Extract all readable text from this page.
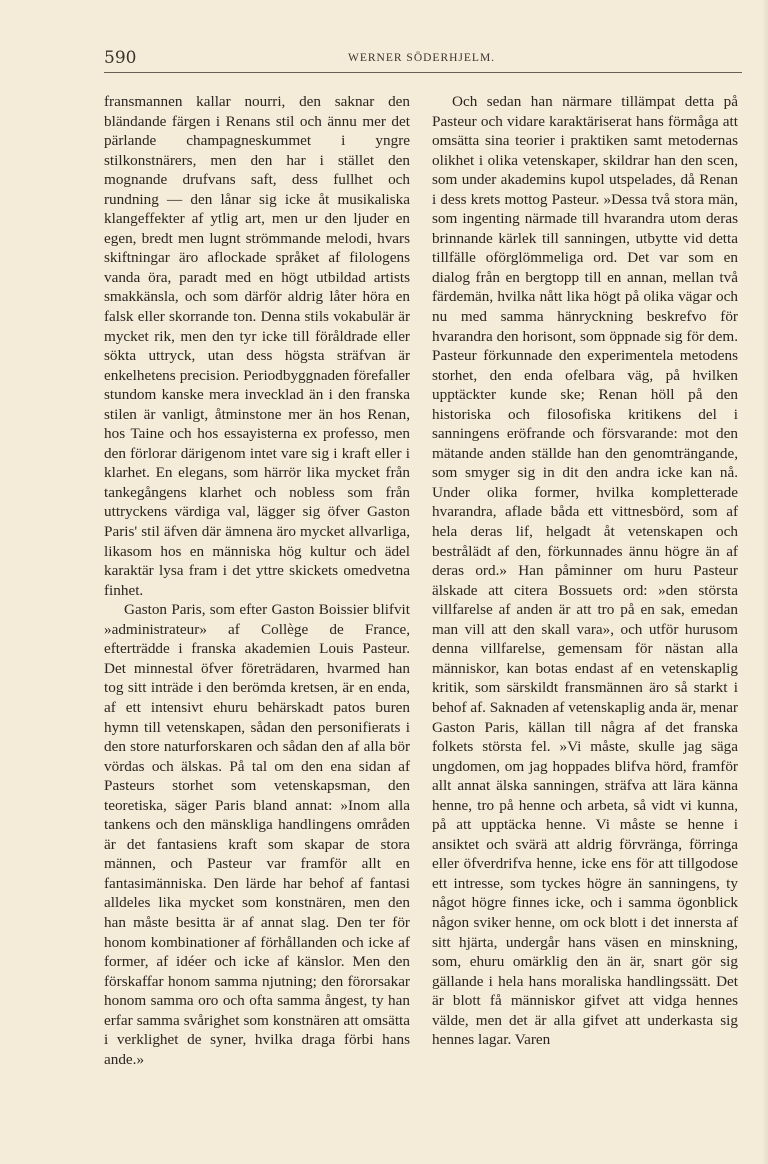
590	WERNER SÖDERHJELM.

fransmannen kallar nourri, den saknar den bländande färgen i Renans stil och ännu mer det pärlande champagneskummet i yngre stilkonstnärers, men den har i stället den mognande drufvans saft, dess fullhet och rundning — den lånar sig icke åt musikaliska klangeffekter af ytlig art, men ur den ljuder en egen, bredt men lugnt strömmande melodi, hvars skiftningar äro aflockade språket af filologens vanda öra, paradt med en högt utbildad artists smakkänsla, och som därför aldrig låter höra en falsk eller skorrande ton. Denna stils vokabulär är mycket rik, men den tyr icke till föråldrade eller sökta uttryck, utan dess högsta sträfvan är enkelhetens precision. Periodbyggnaden förefaller stundom kanske mera invecklad än i den franska stilen är vanligt, åtminstone mer än hos Renan, hos Taine och hos essayisterna ex professo, men den förlorar därigenom intet vare sig i kraft eller i klarhet. En elegans, som härrör lika mycket från tankegångens klarhet och nobless som från uttryckens värdiga val, lägger sig öfver Gaston Paris' stil äfven där ämnena äro mycket allvarliga, likasom hos en människa hög kultur och ädel karaktär lysa fram i det yttre skickets omedvetna finhet.

Gaston Paris, som efter Gaston Boissier blifvit »administrateur» af Collège de France, efterträdde i franska akademien Louis Pasteur. Det minnestal öfver företrädaren, hvarmed han tog sitt inträde i den berömda kretsen, är en enda, af ett intensivt ehuru behärskadt patos buren hymn till vetenskapen, sådan den personifierats i den store naturforskaren och sådan den af alla bör vördas och älskas. På tal om den ena sidan af Pasteurs storhet som vetenskapsman, den teoretiska, säger Paris bland annat: »Inom alla tankens och den mänskliga handlingens områden är det fantasiens kraft som skapar de stora männen, och Pasteur var framför allt en fantasimänniska. Den lärde har behof af fantasi alldeles lika mycket som konstnären, men den han måste besitta är af annat slag. Den ter för honom kombinationer af förhållanden och icke af former, af idéer och icke af känslor. Men den förskaffar honom samma njutning; den förorsakar honom samma oro och ofta samma ångest, ty han erfar samma svårighet som konstnären att omsätta i verklighet de syner, hvilka draga förbi hans ande.»

Och sedan han närmare tillämpat detta på Pasteur och vidare karaktäriserat hans förmåga att omsätta sina teorier i praktiken samt metodernas olikhet i olika vetenskaper, skildrar han den scen, som under akademins kupol utspelades, då Renan i dess krets mottog Pasteur. »Dessa två stora män, som ingenting närmade till hvarandra utom deras brinnande kärlek till sanningen, utbytte vid detta tillfälle oförglömmeliga ord. Det var som en dialog från en bergtopp till en annan, mellan två färdemän, hvilka nått lika högt på olika vägar och nu med samma hänryckning beskrefvo för hvarandra den horisont, som öppnade sig för dem. Pasteur förkunnade den experimentela metodens storhet, den enda ofelbara väg, på hvilken upptäckter kunde ske; Renan höll på den historiska och filosofiska kritikens del i sanningens eröfrande och försvarande: mot den mätande anden ställde han den genomträngande, som smyger sig in dit den andra icke kan nå. Under olika former, hvilka kompletterade hvarandra, aflade båda ett vittnesbörd, som af hela deras lif, helgadt åt vetenskapen och bestrålädt af den, förkunnades ännu högre än af deras ord.» Han påminner om huru Pasteur älskade att citera Bossuets ord: »den största villfarelse af anden är att tro på en sak, emedan man vill att den skall vara», och utför hurusom denna villfarelse, gemensam för nästan alla människor, kan botas endast af en vetenskaplig kritik, som särskildt fransmännen äro så starkt i behof af. Saknaden af vetenskaplig anda är, menar Gaston Paris, källan till några af det franska folkets största fel. »Vi måste, skulle jag säga ungdomen, om jag hoppades blifva hörd, framför allt annat älska sanningen, sträfva att lära känna henne, tro på henne och arbeta, så vidt vi kunna, på att upptäcka henne. Vi måste se henne i ansiktet och svärä att aldrig förvränga, förringa eller öfverdrifva henne, icke ens för att tillgodose ett intresse, som tyckes högre än sanningens, ty något högre finnes icke, och i samma ögonblick någon sviker henne, om ock blott i det innersta af sitt hjärta, undergår hans väsen en minskning, som, ehuru omärklig den än är, snart gör sig gällande i hela hans moraliska handlingssätt. Det är blott få människor gifvet att vidga hennes välde, men det är alla gifvet att underkasta sig hennes lagar. Varen
